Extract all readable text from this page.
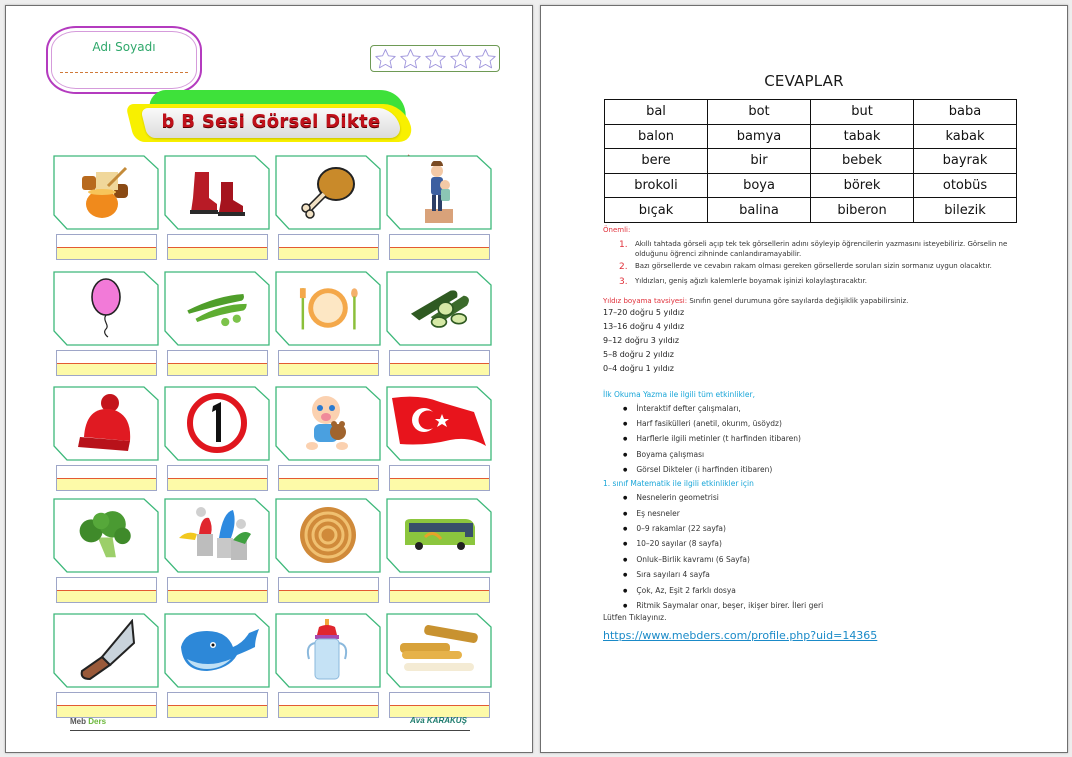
Adı Soyadı
b B Sesi Görsel Dikte
Meb Ders	Ava KARAKUŞ
CEVAPLAR
bal	bot	but	baba
balon	bamya	tabak	kabak
bere	bir	bebek	bayrak
brokoli	boya	börek	otobüs
bıçak	balina	biberon	bilezik
Önemli:
1.	Akıllı tahtada görseli açıp tek tek görsellerin adını söyleyip öğrencilerin yazmasını isteyebiliriz. Görselin ne olduğunu öğrenci zihninde canlandıramayabilir.
2.	Bazı görsellerde ve cevabın rakam olması gereken görsellerde soruları sizin sormanız uygun olacaktır.
3.	Yıldızları, geniş ağızlı kalemlerle boyamak işinizi kolaylaştıracaktır.
Yıldız boyama tavsiyesi: Sınıfın genel durumuna göre sayılarda değişiklik yapabilirsiniz.
17–20 doğru 5 yıldız
13–16 doğru 4 yıldız
9–12 doğru 3 yıldız
5–8 doğru 2 yıldız
0–4 doğru 1 yıldız
İlk Okuma Yazma ile ilgili tüm etkinlikler,
● İnteraktif defter çalışmaları,
● Harf fasikülleri (anetil, okurım, üsöydz)
● Harflerle ilgili metinler (t harfinden itibaren)
● Boyama çalışması
● Görsel Dikteler (i harfinden itibaren)
1. sınıf Matematik ile ilgili etkinlikler için
● Nesnelerin geometrisi
● Eş nesneler
● 0–9 rakamlar (22 sayfa)
● 10–20 sayılar (8 sayfa)
● Onluk–Birlik kavramı (6 Sayfa)
● Sıra sayıları 4 sayfa
● Çok, Az, Eşit 2 farklı dosya
● Ritmik Saymalar onar, beşer, ikişer birer. İleri geri
Lütfen Tıklayınız.
https://www.mebders.com/profile.php?uid=14365
